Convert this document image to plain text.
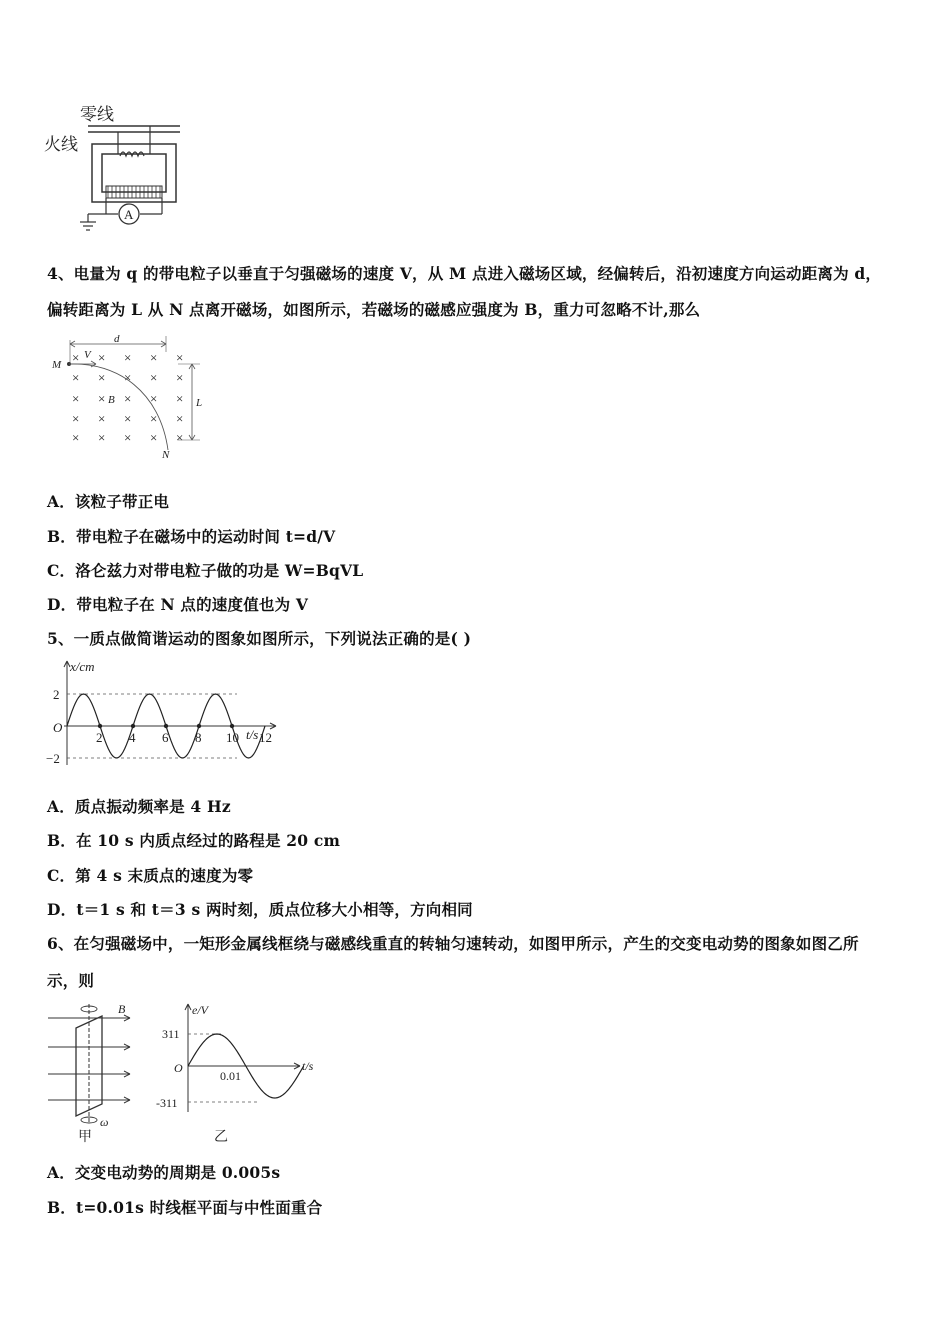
零线
火线
A
4、电量为 q 的带电粒子以垂直于匀强磁场的速度 V，从 M 点进入磁场区域，经偏转后，沿初速度方向运动距离为 d，
偏转距离为 L 从 N 点离开磁场，如图所示，若磁场的磁感应强度为 B，重力可忽略不计,那么
× × × × ×
× × × × ×
× × × × ×
× × × × ×
× × × × ×
d
M
V
B	L
N
A．该粒子带正电
B．带电粒子在磁场中的运动时间 t=d/V
C．洛仑兹力对带电粒子做的功是 W=BqVL
D．带电粒子在 N 点的速度值也为 V
5、一质点做简谐运动的图象如图所示，下列说法正确的是( )
x/cm
t/s
O
2
−2
2 4 6 8 10 12
A．质点振动频率是 4 Hz
B．在 10 s 内质点经过的路程是 20 cm
C．第 4 s 末质点的速度为零
D．t＝1 s 和 t＝3 s 两时刻，质点位移大小相等，方向相同
6、在匀强磁场中，一矩形金属线框绕与磁感线重直的转轴匀速转动，如图甲所示，产生的交变电动势的图象如图乙所
示，则
B
ω
甲
e/V
t/s
O
311
-311
0.01
乙
A．交变电动势的周期是 0.005s
B．t=0.01s 时线框平面与中性面重合
